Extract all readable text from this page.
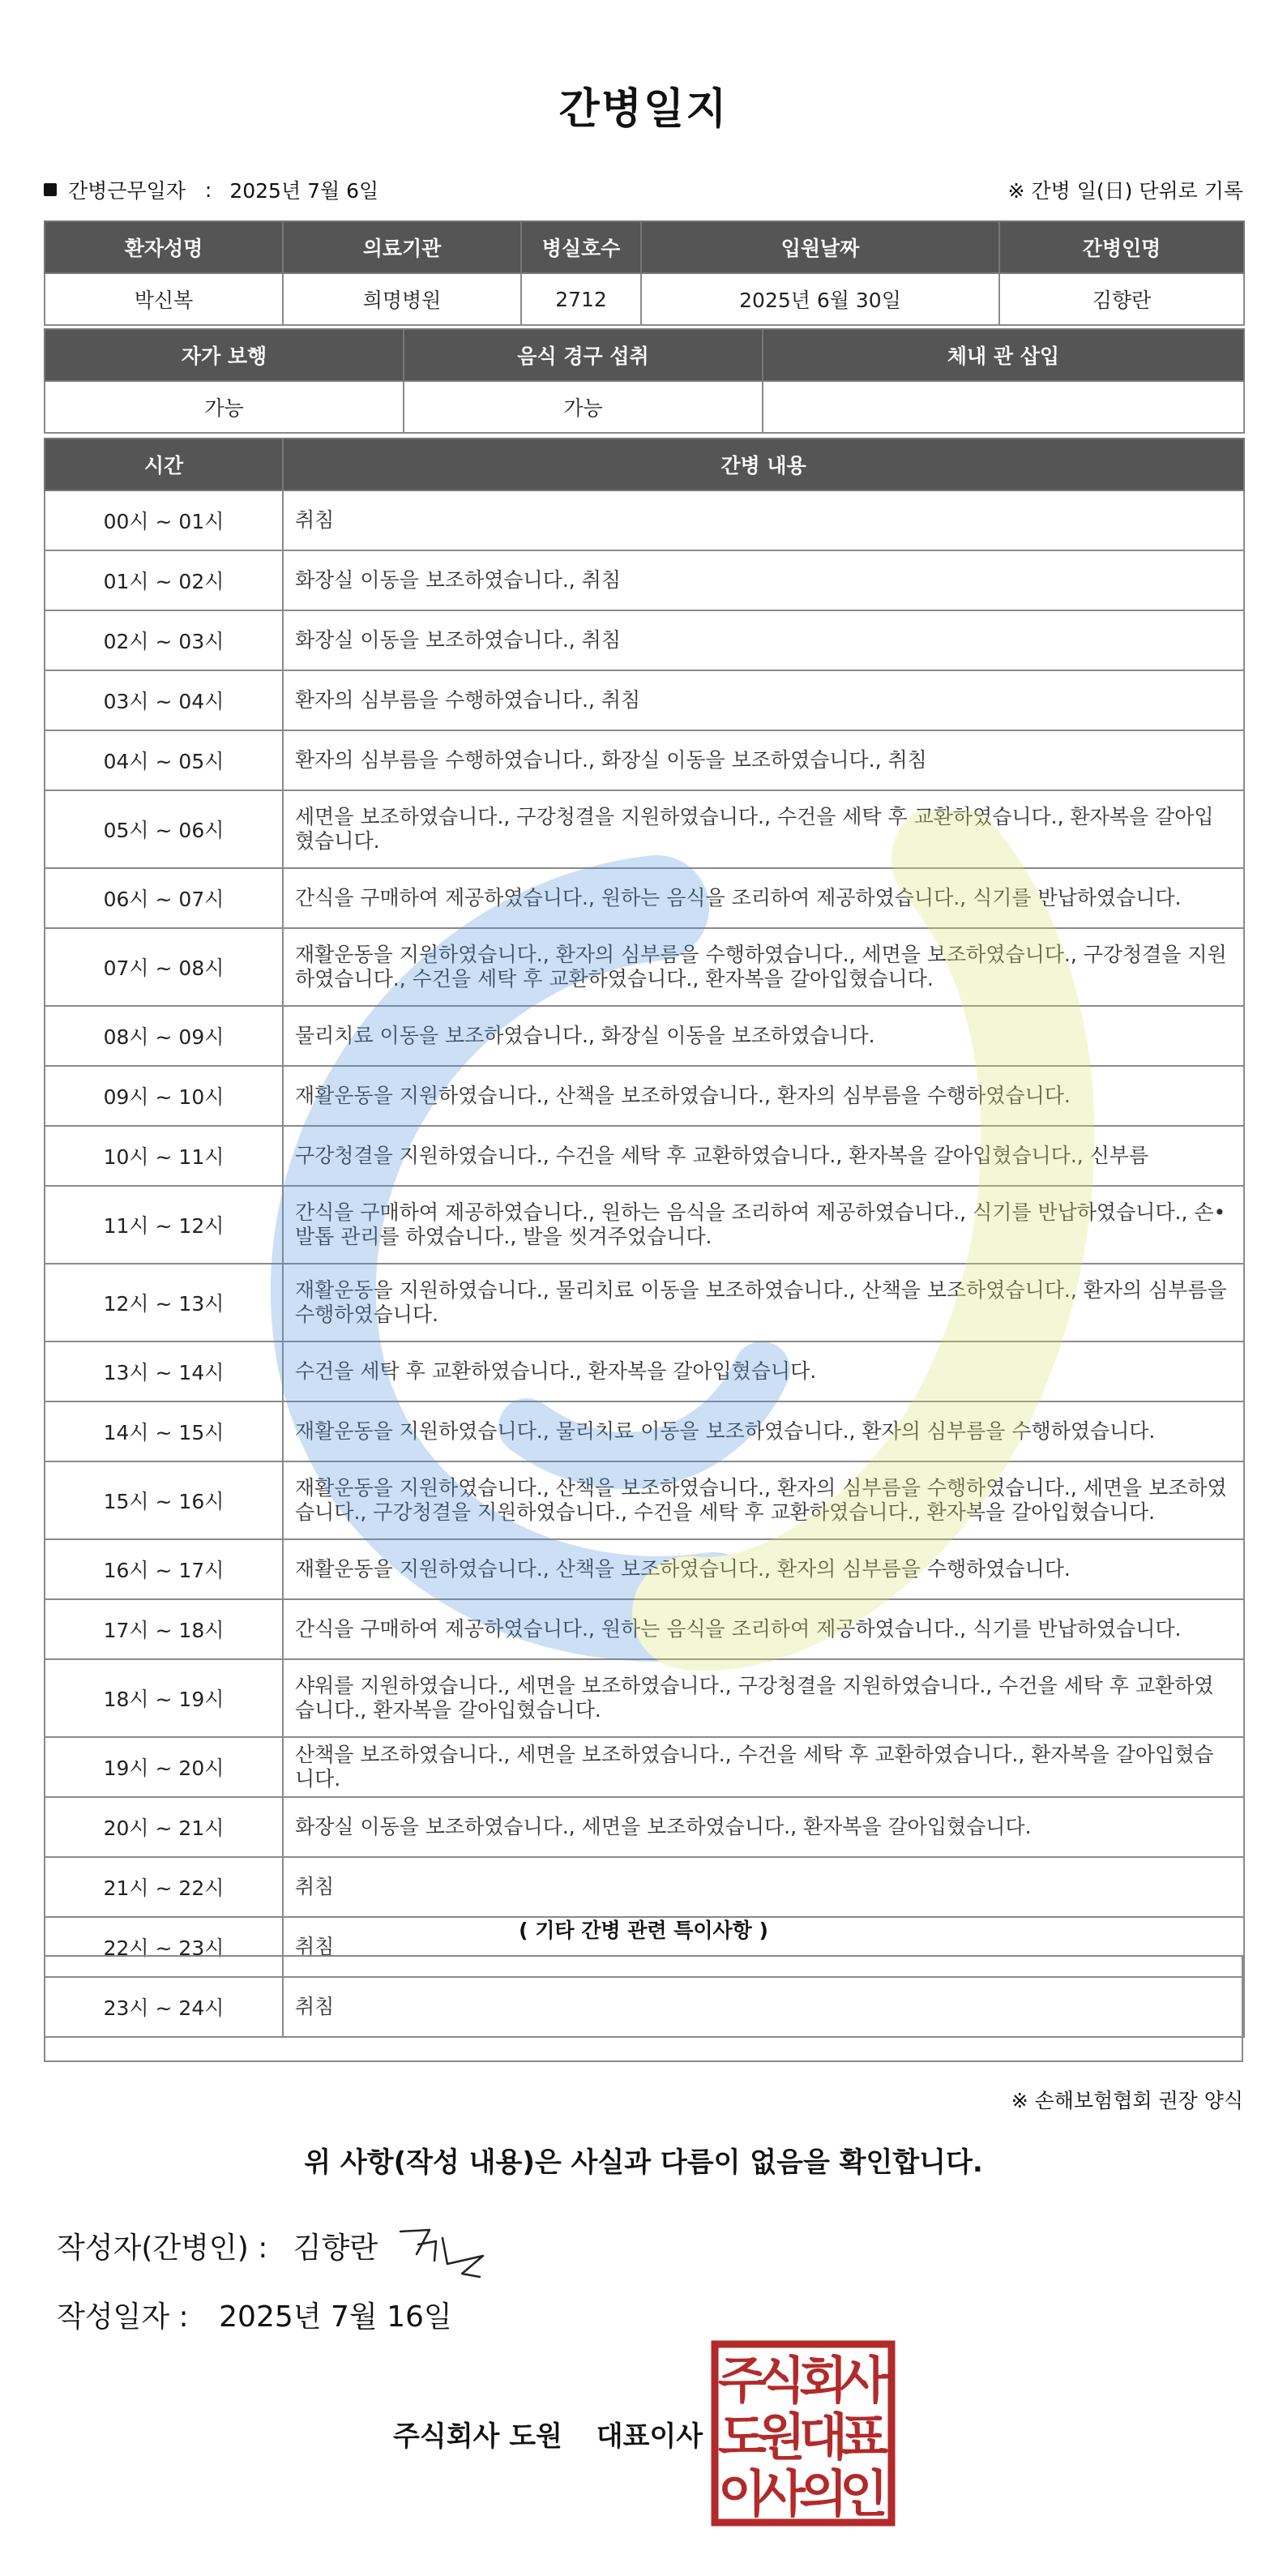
간병일지
간병근무일자 : 2025년 7월 6일	※ 간병 일(日) 단위로 기록
환자성명	의료기관	병실호수	입원날짜	간병인명
박신복	희명병원	2712	2025년 6월 30일	김향란
자가 보행	음식 경구 섭취	체내 관 삽입
가능	가능	
시간	간병 내용
00시 ~ 01시	취침
01시 ~ 02시	화장실 이동을 보조하였습니다., 취침
02시 ~ 03시	화장실 이동을 보조하였습니다., 취침
03시 ~ 04시	환자의 심부름을 수행하였습니다., 취침
04시 ~ 05시	환자의 심부름을 수행하였습니다., 화장실 이동을 보조하였습니다., 취침
05시 ~ 06시	세면을 보조하였습니다., 구강청결을 지원하였습니다., 수건을 세탁 후 교환하였습니다., 환자복을 갈아입혔습니다.
06시 ~ 07시	간식을 구매하여 제공하였습니다., 원하는 음식을 조리하여 제공하였습니다., 식기를 반납하였습니다.
07시 ~ 08시	재활운동을 지원하였습니다., 환자의 심부름을 수행하였습니다., 세면을 보조하였습니다., 구강청결을 지원하였습니다., 수건을 세탁 후 교환하였습니다., 환자복을 갈아입혔습니다.
08시 ~ 09시	물리치료 이동을 보조하였습니다., 화장실 이동을 보조하였습니다.
09시 ~ 10시	재활운동을 지원하였습니다., 산책을 보조하였습니다., 환자의 심부름을 수행하였습니다.
10시 ~ 11시	구강청결을 지원하였습니다., 수건을 세탁 후 교환하였습니다., 환자복을 갈아입혔습니다., 신부름
11시 ~ 12시	간식을 구매하여 제공하였습니다., 원하는 음식을 조리하여 제공하였습니다., 식기를 반납하였습니다., 손•발톱 관리를 하였습니다., 발을 씻겨주었습니다.
12시 ~ 13시	재활운동을 지원하였습니다., 물리치료 이동을 보조하였습니다., 산책을 보조하였습니다., 환자의 심부름을 수행하였습니다.
13시 ~ 14시	수건을 세탁 후 교환하였습니다., 환자복을 갈아입혔습니다.
14시 ~ 15시	재활운동을 지원하였습니다., 물리치료 이동을 보조하였습니다., 환자의 심부름을 수행하였습니다.
15시 ~ 16시	재활운동을 지원하였습니다., 산책을 보조하였습니다., 환자의 심부름을 수행하였습니다., 세면을 보조하였습니다., 구강청결을 지원하였습니다., 수건을 세탁 후 교환하였습니다., 환자복을 갈아입혔습니다.
16시 ~ 17시	재활운동을 지원하였습니다., 산책을 보조하였습니다., 환자의 심부름을 수행하였습니다.
17시 ~ 18시	간식을 구매하여 제공하였습니다., 원하는 음식을 조리하여 제공하였습니다., 식기를 반납하였습니다.
18시 ~ 19시	샤워를 지원하였습니다., 세면을 보조하였습니다., 구강청결을 지원하였습니다., 수건을 세탁 후 교환하였습니다., 환자복을 갈아입혔습니다.
19시 ~ 20시	산책을 보조하였습니다., 세면을 보조하였습니다., 수건을 세탁 후 교환하였습니다., 환자복을 갈아입혔습니다.
20시 ~ 21시	화장실 이동을 보조하였습니다., 세면을 보조하였습니다., 환자복을 갈아입혔습니다.
21시 ~ 22시	취침
22시 ~ 23시	취침
23시 ~ 24시	취침
( 기타 간병 관련 특이사항 )
※ 손해보험협회 권장 양식
위 사항(작성 내용)은 사실과 다름이 없음을 확인합니다.
작성자(간병인) : 김향란
작성일자 : 2025년 7월 16일
주식회사 도원 대표이사
주
식
회
사
도
원
대
표
이
사
의
인
